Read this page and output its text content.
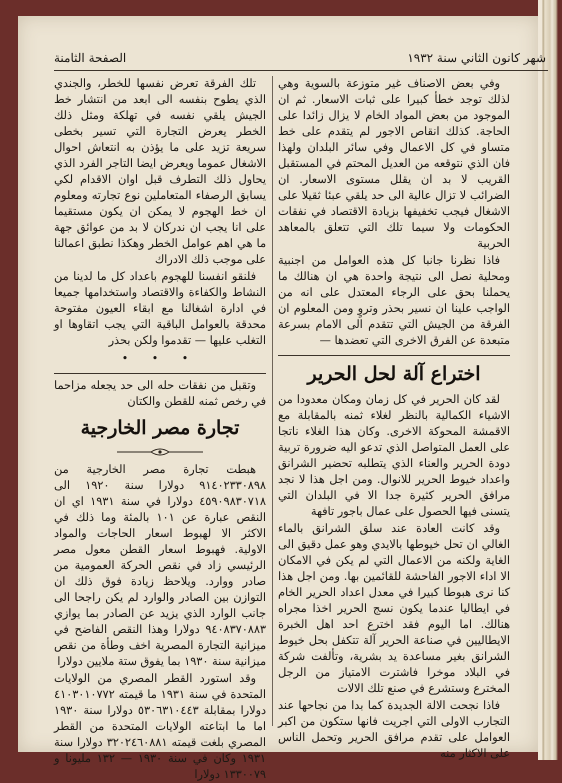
شهر كانون الثاني سنة ١٩٣٢
الصفحة الثامنة

وفي بعض الاصناف غير متوزعة بالسوية وهي لذلك توجد خطأ كبيرا على ثبات الاسعار. ثم ان الموجود من بعض المواد الخام لا يزال زائدا على الحاجة. كذلك انقاص الاجور لم يتقدم على خط متساو في كل الاعمال وفي سائر البلدان ولهذا فان الذي نتوقعه من العديل المحتم في المستقبل القريب لا بد ان يقلل مستوى الاسعار. ان الضرائب لا تزال عالية الى حد يلقي عبئا ثقيلا على الاشغال فيجب تخفيفها بزيادة الاقتصاد في نفقات الحكومات ولا سيما تلك التي تتعلق بالمعاهد الحربية

فاذا نظرنا جانبا كل هذه العوامل من اجنبية ومحلية نصل الى نتيجة واحدة هي ان هنالك ما يحملنا بحق على الرجاء المعتدل على انه من الواجب علينا ان نسير بحذر وتروٍ ومن المعلوم ان الفرقة من الجيش التي تتقدم الى الامام بسرعة متبعدة عن الفرق الاخرى التي تعضدها —

اختراع آلة لحل الحرير

لقد كان الحرير في كل زمان ومكان معدودا من الاشياء الكمالية بالنظر لغلاء ثمنه بالمقابلة مع الاقمشة المحوكة الاخرى. وكان هذا الغلاء ناتجا على العمل المتواصل الذي تدعو اليه ضرورة تربية دودة الحرير والعناء الذي يتطلبه تحضير الشرانق واعداد خيوط الحرير للانوال. ومن اجل هذا لا نجد مرافق الحرير كثيرة جدا الا في البلدان التي يتسنى فيها الحصول على عمال باجور تافهة

وقد كانت العادة عند سلق الشرانق بالماء الغالي ان تحل خيوطها بالايدي وهو عمل دقيق الى الغاية ولكنه من الاعمال التي لم يكن في الامكان الا اداء الاجور الفاحشة للقائمين بها. ومن اجل هذا كنا نرى هبوطا كبيرا في معدل اعداد الحرير الخام في ايطاليا عندما يكون نسج الحرير اخذا مجراه هنالك. اما اليوم فقد اخترع احد اهل الخبرة الايطاليين في صناعة الحرير آلة تتكفل بحل خيوط الشرانق بغير مساعدة يد بشرية، وتألفت شركة في البلاد موخرا فاشترت الامتياز من الرجل المخترع وستشرع في صنع تلك الالات

فاذا نجحت الالة الجديدة كما بدا من نجاحها عند التجارب الاولى التي اجريت فانها ستكون من اكبر العوامل على تقدم مرافق الحرير وتحمل الناس على الاكثار منه

تلك الفرقة تعرض نفسها للخطر، والجندي الذي يطوح بنفسه الى ابعد من انتشار خط الجيش يلقي نفسه في تهلكة ومثل ذلك الخطر يعرض التجارة التي تسير بخطى سريعة تزيد على ما يؤذن به انتعاش احوال الاشغال عموما ويعرض ايضا التاجر الفرد الذي يحاول ذلك التطرف قبل اوان الاقدام لكي يسابق الرصفاء المتعاملين نوع تجارته ومعلوم ان خط الهجوم لا يمكن ان يكون مستقيما على انا يجب ان ندركان لا بد من عوائق جهة ما هي اهم عوامل الخطر وهكذا نطبق اعمالنا على موجب ذلك الادراك

فلنقو انفسنا للهجوم باعداد كل ما لدينا من النشاط والكفاءة والاقتصاد واستخدامها جميعا في ادارة اشغالنا مع ابقاء العيون مفتوحة محدقة بالعوامل الباقية التي يجب اتقاوها او التغلب عليها — تقدموا ولكن بحذر

• • •

وتقبل من نفقات حله الى حد يجعله مزاحما في رخص ثمنه للقطن والكتان

تجارة مصر الخارجية

هبطت تجارة مصر الخارجية من ٩١٤٠٢٣٣٠٨٩٨ دولارا سنة ١٩٢٠ الى ٤٥٩٠٩٨٣٠٧١٨ دولارا في سنة ١٩٣١ اي ان النقص عبارة عن ١٠١ بالمئة وما ذلك في الاكثر الا لهبوط اسعار الحاجات والمواد الاولية. فهبوط اسعار القطن معول مصر الرئيسي زاد في نقص الحركة العمومية من صادر ووارد. ويلاحظ زيادة فوق ذلك ان التوازن بين الصادر والوارد لم يكن راجحا الى جانب الوارد الذي يزيد عن الصادر بما يوازي ٩٤٠٨٣٧٠٨٨٣ دولارا وهذا النقص الفاضح في ميزانية التجارة المصرية اخف وطأة من نقص ميزانية سنة ١٩٣٠ بما يفوق ستة ملايين دولارا

وقد استورد القطر المصري من الولايات المتحدة في سنة ١٩٣١ ما قيمته ٤١٠٣٠١٠٧٧٢ دولارا بمقابلة ٥٣٠٦٣١٠٤٤٣ دولارا سنة ١٩٣٠ اما ما ابتاعته الولايات المتحدة من القطر المصري بلغت قيمته ٣٢٠٢٤٦٠٨٨١ دولارا سنة ١٩٣١ وكان في سنة ١٩٣٠ — ١٣٢ مليونا و ١٣٣٠٠٧٩ دولارا
